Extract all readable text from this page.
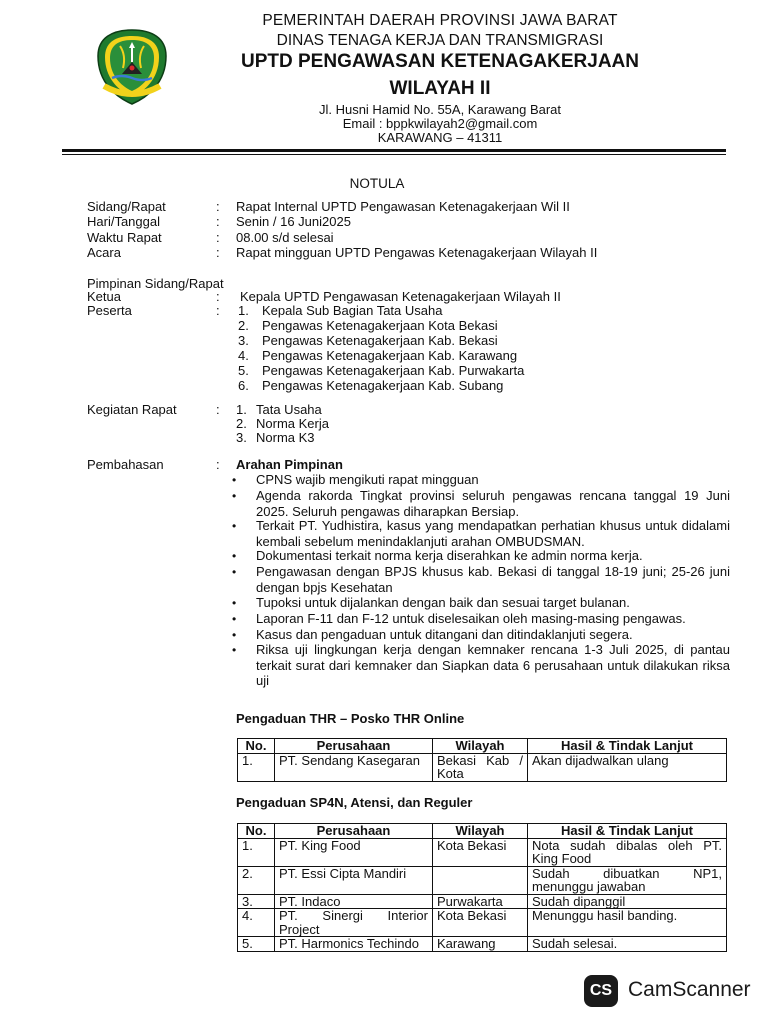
PEMERINTAH DAERAH PROVINSI JAWA BARAT
DINAS TENAGA KERJA DAN TRANSMIGRASI
UPTD PENGAWASAN KETENAGAKERJAAN
WILAYAH II
Jl. Husni Hamid No. 55A, Karawang Barat
Email : bppkwilayah2@gmail.com
KARAWANG – 41311
NOTULA
Sidang/Rapat	: Rapat Internal UPTD Pengawasan Ketenagakerjaan Wil II
Hari/Tanggal	: Senin / 16 Juni2025
Waktu Rapat	: 08.00 s/d selesai
Acara	: Rapat mingguan UPTD Pengawas Ketenagakerjaan Wilayah II
Pimpinan Sidang/Rapat
Ketua	: Kepala UPTD Pengawasan Ketenagakerjaan Wilayah II
Peserta	: 1.	Kepala Sub Bagian Tata Usaha
2.	Pengawas Ketenagakerjaan Kota Bekasi
3.	Pengawas Ketenagakerjaan Kab. Bekasi
4.	Pengawas Ketenagakerjaan Kab. Karawang
5.	Pengawas Ketenagakerjaan Kab. Purwakarta
6.	Pengawas Ketenagakerjaan Kab. Subang
Kegiatan Rapat	: 1. Tata Usaha
2. Norma Kerja
3. Norma K3
Pembahasan	: Arahan Pimpinan
• CPNS wajib mengikuti rapat mingguan
• Agenda rakorda Tingkat provinsi seluruh pengawas rencana tanggal 19 Juni 2025. Seluruh pengawas diharapkan Bersiap.
• Terkait PT. Yudhistira, kasus yang mendapatkan perhatian khusus untuk didalami kembali sebelum menindaklanjuti arahan OMBUDSMAN.
• Dokumentasi terkait norma kerja diserahkan ke admin norma kerja.
• Pengawasan dengan BPJS khusus kab. Bekasi di tanggal 18-19 juni; 25-26 juni dengan bpjs Kesehatan
• Tupoksi untuk dijalankan dengan baik dan sesuai target bulanan.
• Laporan F-11 dan F-12 untuk diselesaikan oleh masing-masing pengawas.
• Kasus dan pengaduan untuk ditangani dan ditindaklanjuti segera.
• Riksa uji lingkungan kerja dengan kemnaker rencana 1-3 Juli 2025, di pantau terkait surat dari kemnaker dan Siapkan data 6 perusahaan untuk dilakukan riksa uji
Pengaduan THR – Posko THR Online
No.	Perusahaan	Wilayah	Hasil & Tindak Lanjut
1.	PT. Sendang Kasegaran	Bekasi Kab / Kota	Akan dijadwalkan ulang
Pengaduan SP4N, Atensi, dan Reguler
No.	Perusahaan	Wilayah	Hasil & Tindak Lanjut
1.	PT. King Food	Kota Bekasi	Nota sudah dibalas oleh PT. King Food
2.	PT. Essi Cipta Mandiri		Sudah dibuatkan NP1, menunggu jawaban
3.	PT. Indaco	Purwakarta	Sudah dipanggil
4.	PT. Sinergi Interior Project	Kota Bekasi	Menunggu hasil banding.
5.	PT. Harmonics Techindo	Karawang	Sudah selesai.
CS CamScanner
